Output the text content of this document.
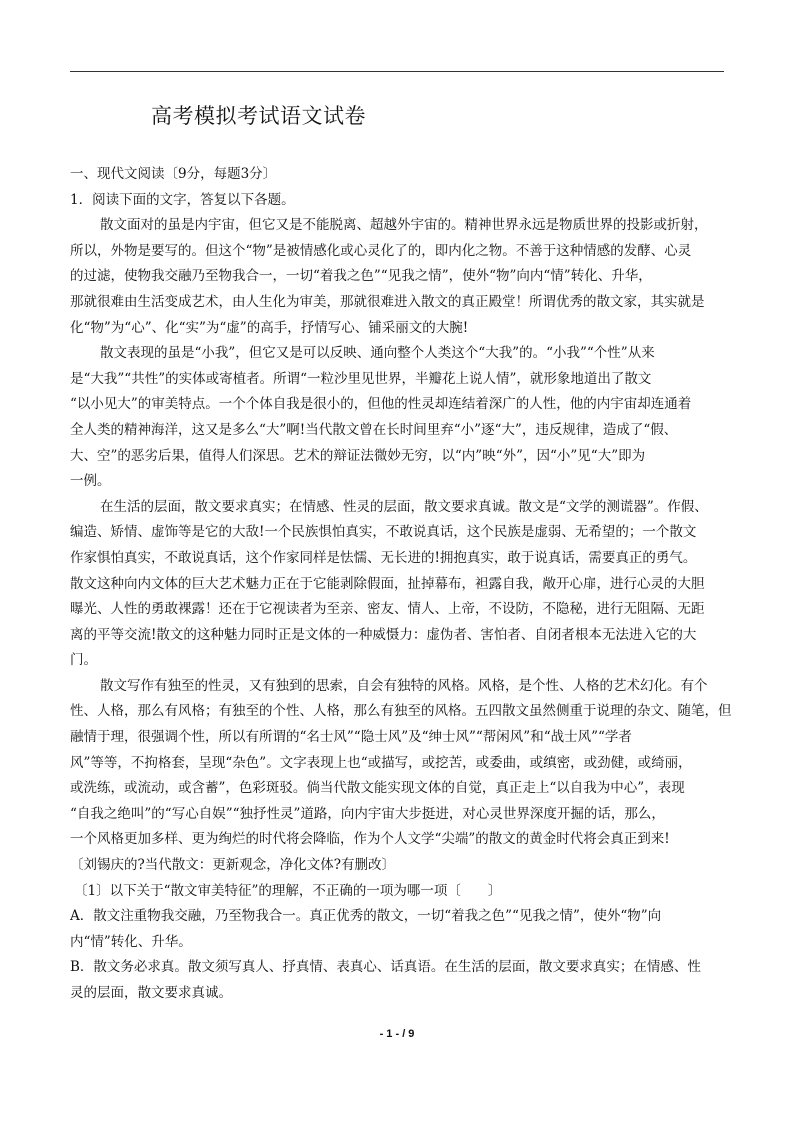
高考模拟考试语文试卷
一、现代文阅读〔9分，每题3分〕
1．阅读下面的文字，答复以下各题。
散文面对的虽是内宇宙，但它又是不能脱离、超越外宇宙的。精神世界永远是物质世界的投影或折射，
所以，外物是要写的。但这个“物”是被情感化或心灵化了的，即内化之物。不善于这种情感的发酵、心灵
的过滤，使物我交融乃至物我合一，一切“着我之色”“见我之情”，使外“物”向内“情”转化、升华，
那就很难由生活变成艺术，由人生化为审美，那就很难进入散文的真正殿堂！所谓优秀的散文家，其实就是
化“物”为“心”、化“实”为“虚”的高手，抒情写心、铺采丽文的大腕!
散文表现的虽是“小我”，但它又是可以反映、通向整个人类这个“大我”的。“小我”“个性”从来
是“大我”“共性”的实体或寄植者。所谓“一粒沙里见世界，半瓣花上说人情”，就形象地道出了散文
“以小见大”的审美特点。一个个体自我是很小的，但他的性灵却连结着深广的人性，他的内宇宙却连通着
全人类的精神海洋，这又是多么“大”啊!当代散文曾在长时间里弃“小”逐“大”，违反规律，造成了“假、
大、空”的恶劣后果，值得人们深思。艺术的辩证法微妙无穷，以“内”映“外”，因“小”见“大”即为
一例。
在生活的层面，散文要求真实；在情感、性灵的层面，散文要求真诚。散文是“文学的测谎器”。作假、
编造、矫情、虚饰等是它的大敌!一个民族惧怕真实，不敢说真话，这个民族是虚弱、无希望的；一个散文
作家惧怕真实，不敢说真话，这个作家同样是怯懦、无长进的!拥抱真实，敢于说真话，需要真正的勇气。
散文这种向内文体的巨大艺术魅力正在于它能剥除假面，扯掉幕布，袒露自我，敞开心扉，进行心灵的大胆
曝光、人性的勇敢裸露！还在于它视读者为至亲、密友、情人、上帝，不设防，不隐秘，进行无阻隔、无距
离的平等交流!散文的这种魅力同时正是文体的一种威慑力：虚伪者、害怕者、自闭者根本无法进入它的大
门。
散文写作有独至的性灵，又有独到的思索，自会有独特的风格。风格，是个性、人格的艺术幻化。有个
性、人格，那么有风格；有独至的个性、人格，那么有独至的风格。五四散文虽然侧重于说理的杂文、随笔，但
融情于理，很强调个性，所以有所谓的“名士风”“隐士风”及“绅士风”“帮闲风”和“战士风”“学者
风”等等，不拘格套，呈现“杂色”。文字表现上也“或描写，或挖苦，或委曲，或缜密，或劲健，或绮丽，
或洗练，或流动，或含蓄”，色彩斑驳。倘当代散文能实现文体的自觉，真正走上“以自我为中心”，表现
“自我之绝叫”的“写心自娱”“独抒性灵”道路，向内宇宙大步挺进，对心灵世界深度开掘的话，那么，
一个风格更加多样、更为绚烂的时代将会降临，作为个人文学“尖端”的散文的黄金时代将会真正到来!
〔刘锡庆的?当代散文：更新观念，净化文体?有删改〕
〔1〕以下关于“散文审美特征”的理解，不正确的一项为哪一项〔　　〕
A．散文注重物我交融，乃至物我合一。真正优秀的散文，一切“着我之色”“见我之情”，使外“物”向
内“情”转化、升华。
B．散文务必求真。散文须写真人、抒真情、表真心、话真语。在生活的层面，散文要求真实；在情感、性
灵的层面，散文要求真诚。
- 1 - / 9
